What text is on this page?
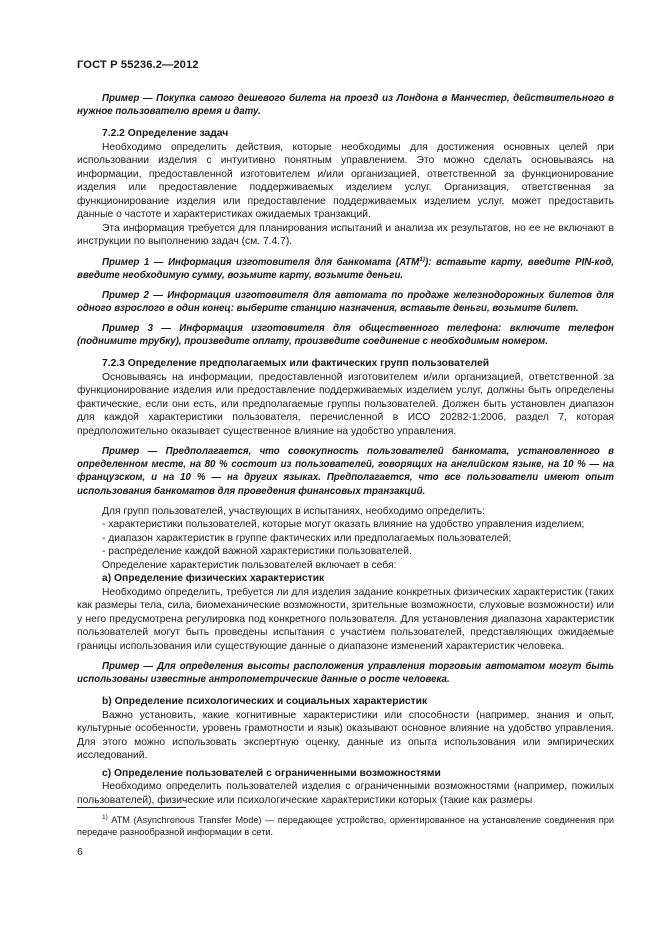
ГОСТ Р 55236.2—2012

Пример — Покупка самого дешевого билета на проезд из Лондона в Манчестер, действительного в нужное пользователю время и дату.

7.2.2 Определение задач

Необходимо определить действия, которые необходимы для достижения основных целей при использовании изделия с интуитивно понятным управлением. Это можно сделать основываясь на информации, предоставленной изготовителем и/или организацией, ответственной за функционирование изделия или предоставление поддерживаемых изделием услуг. Организация, ответственная за функционирование изделия или предоставление поддерживаемых изделием услуг, может предоставить данные о частоте и характеристиках ожидаемых транзакций.

Эта информация требуется для планирования испытаний и анализа их результатов, но ее не включают в инструкции по выполнению задач (см. 7.4.7).

Пример 1 — Информация изготовителя для банкомата (АТМ$^{1)}$): вставьте карту, введите PIN-код, введите необходимую сумму, возьмите карту, возьмите деньги.

Пример 2 — Информация изготовителя для автомата по продаже железнодорожных билетов для одного взрослого в один конец: выберите станцию назначения, вставьте деньги, возьмите билет.

Пример 3 — Информация изготовителя для общественного телефона: включите телефон (поднимите трубку), произведите оплату, произведите соединение с необходимым номером.

7.2.3 Определение предполагаемых или фактических групп пользователей

Основываясь на информации, предоставленной изготовителем и/или организацией, ответственной за функционирование изделия или предоставление поддерживаемых изделием услуг, должны быть определены фактические, если они есть, или предполагаемые группы пользователей. Должен быть установлен диапазон для каждой характеристики пользователя, перечисленной в ИСО 20282-1:2006, раздел 7, которая предположительно оказывает существенное влияние на удобство управления.

Пример — Предполагается, что совокупность пользователей банкомата, установленного в определенном месте, на 80 % состоит из пользователей, говорящих на английском языке, на 10 % — на французском, и на 10 % — на других языках. Предполагается, что все пользователи имеют опыт использования банкоматов для проведения финансовых транзакций.

Для групп пользователей, участвующих в испытаниях, необходимо определить:

- характеристики пользователей, которые могут оказать влияние на удобство управления изделием;

- диапазон характеристик в группе фактических или предполагаемых пользователей;

- распределение каждой важной характеристики пользователей.

Определение характеристик пользователей включает в себя:

a) Определение физических характеристик

Необходимо определить, требуется ли для изделия задание конкретных физических характеристик (таких как размеры тела, сила, биомеханические возможности, зрительные возможности, слуховые возможности) или у него предусмотрена регулировка под конкретного пользователя. Для установления диапазона характеристик пользователей могут быть проведены испытания с участием пользователей, представляющих ожидаемые границы использования или существующие данные о диапазоне изменений характеристик человека.

Пример — Для определения высоты расположения управления торговым автоматом могут быть использованы известные антропометрические данные о росте человека.

b) Определение психологических и социальных характеристик

Важно установить, какие когнитивные характеристики или способности (например, знания и опыт, культурные особенности, уровень грамотности и язык) оказывают основное влияние на удобство управления. Для этого можно использовать экспертную оценку, данные из опыта использования или эмпирических исследований.

c) Определение пользователей с ограниченными возможностями

Необходимо определить пользователей изделия с ограниченными возможностями (например, пожилых пользователей), физические или психологические характеристики которых (такие как размеры

$^{1)}$ АТМ (Asynchronous Transfer Mode) — передающее устройство, ориентированное на установление соединения при передаче разнообразной информации в сети.

6
